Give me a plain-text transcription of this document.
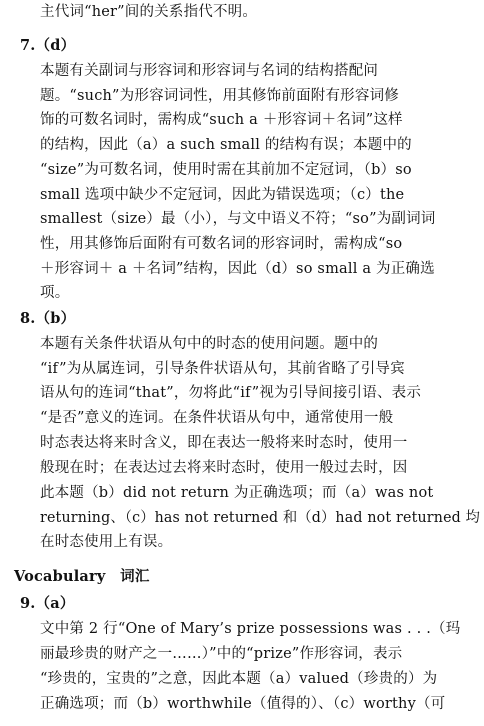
主代词“her”间的关系指代不明。
7.（d）
本题有关副词与形容词和形容词与名词的结构搭配问
题。“such”为形容词词性，用其修饰前面附有形容词修
饰的可数名词时，需构成“such a ＋形容词＋名词”这样
的结构，因此（a）a such small 的结构有误；本题中的
“size”为可数名词，使用时需在其前加不定冠词，（b）so
small 选项中缺少不定冠词，因此为错误选项；（c）the
smallest（size）最（小），与文中语义不符；“so”为副词词
性，用其修饰后面附有可数名词的形容词时，需构成“so
＋形容词＋ a ＋名词”结构，因此（d）so small a 为正确选
项。
8.（b）
本题有关条件状语从句中的时态的使用问题。题中的
“if”为从属连词，引导条件状语从句，其前省略了引导宾
语从句的连词“that”，勿将此“if”视为引导间接引语、表示
“是否”意义的连词。在条件状语从句中，通常使用一般
时态表达将来时含义，即在表达一般将来时态时，使用一
般现在时；在表达过去将来时态时，使用一般过去时，因
此本题（b）did not return 为正确选项；而（a）was not
returning、（c）has not returned 和（d）had not returned 均
在时态使用上有误。
Vocabulary　词汇
9.（a）
文中第 2 行“One of Mary’s prize possessions was . . .（玛
丽最珍贵的财产之一……）”中的“prize”作形容词，表示
“珍贵的，宝贵的”之意，因此本题（a）valued（珍贵的）为
正确选项；而（b）worthwhile（值得的）、（c）worthy（可
